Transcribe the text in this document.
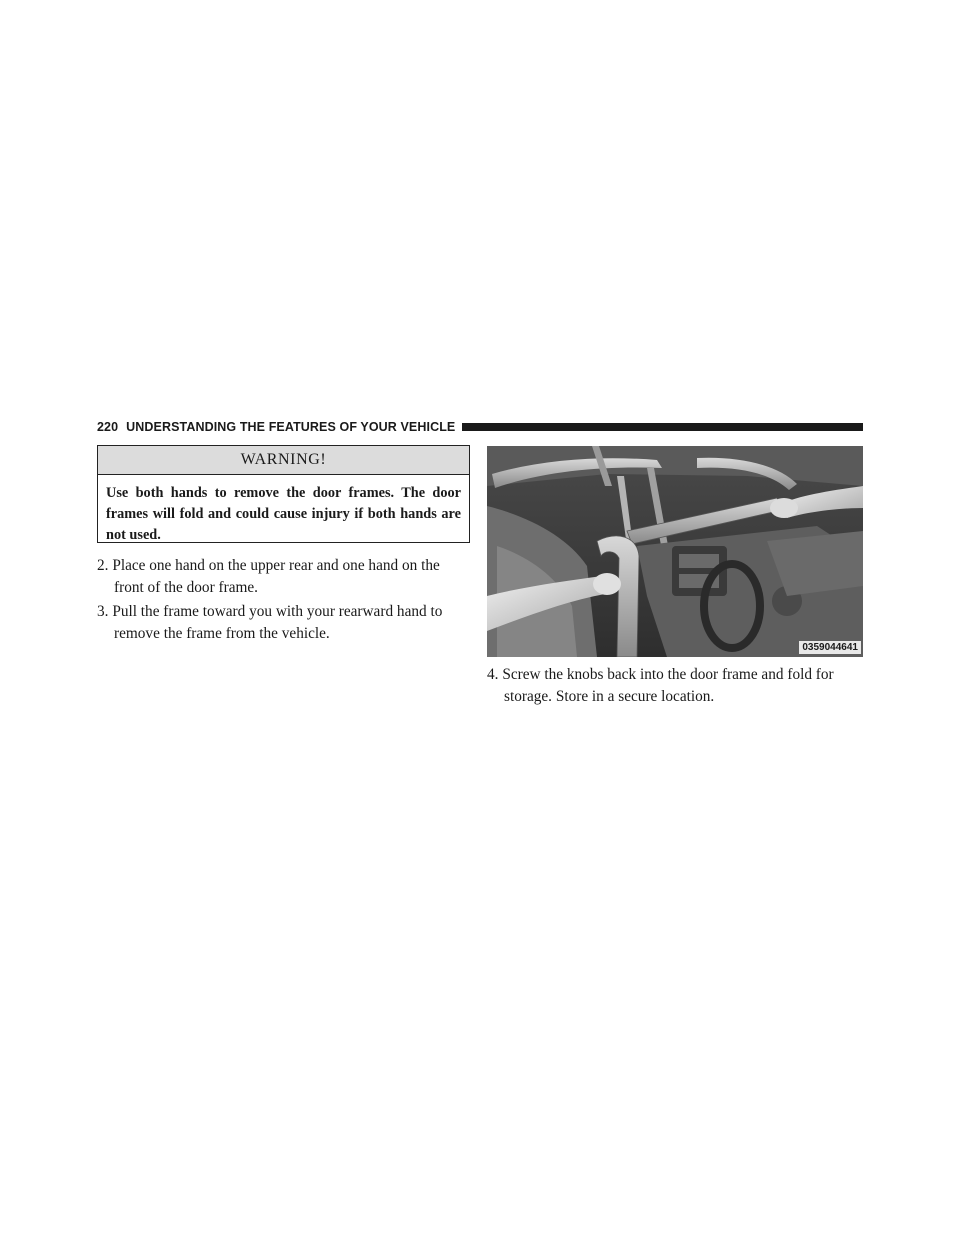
220 UNDERSTANDING THE FEATURES OF YOUR VEHICLE
WARNING!
Use both hands to remove the door frames. The door frames will fold and could cause injury if both hands are not used.
2. Place one hand on the upper rear and one hand on the
front of the door frame.
3. Pull the frame toward you with your rearward hand to
remove the frame from the vehicle.
0359044641
4. Screw the knobs back into the door frame and fold for
storage. Store in a secure location.
